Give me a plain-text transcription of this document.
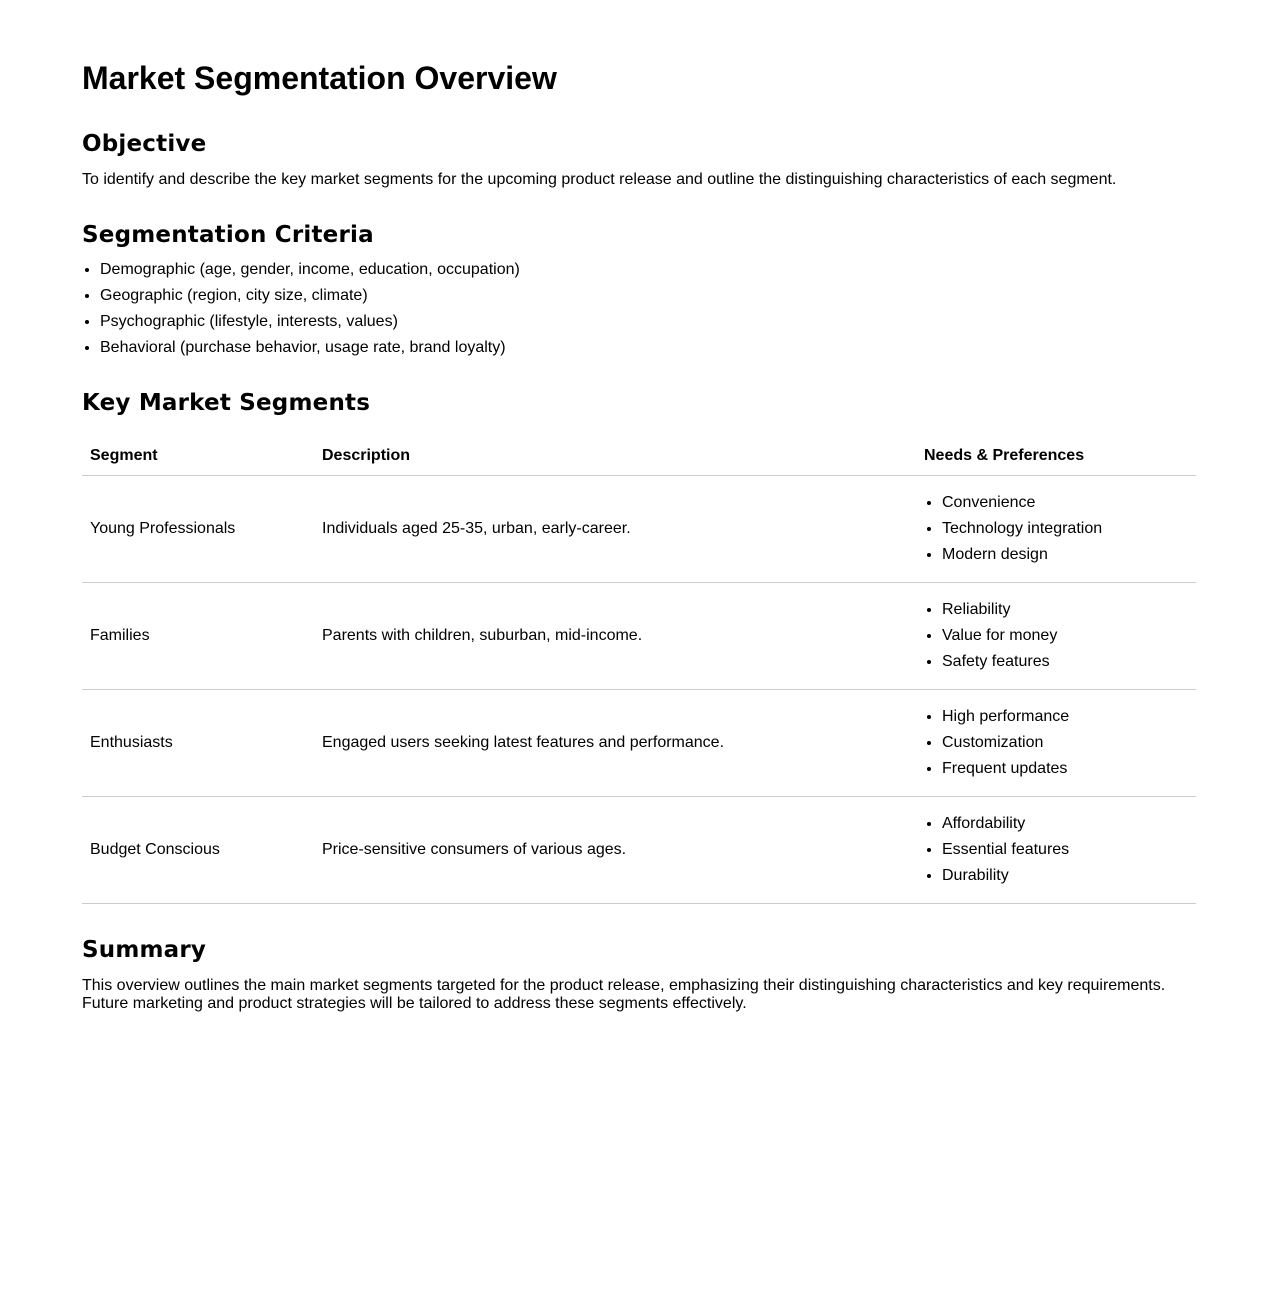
Market Segmentation Overview
Objective

To identify and describe the key market segments for the upcoming product release and outline the distinguishing characteristics of each segment.

Segmentation Criteria
• Demographic (age, gender, income, education, occupation)
• Geographic (region, city size, climate)
• Psychographic (lifestyle, interests, values)
• Behavioral (purchase behavior, usage rate, brand loyalty)
Key Market Segments
Segment	Description	Needs & Preferences
Young Professionals	Individuals aged 25-35, urban, early-career.	
• Convenience
• Technology integration
• Modern design

Families	Parents with children, suburban, mid-income.	
• Reliability
• Value for money
• Safety features

Enthusiasts	Engaged users seeking latest features and performance.	
• High performance
• Customization
• Frequent updates

Budget Conscious	Price-sensitive consumers of various ages.	
• Affordability
• Essential features
• Durability
Summary

This overview outlines the main market segments targeted for the product release, emphasizing their distinguishing characteristics and key requirements.

Future marketing and product strategies will be tailored to address these segments effectively.
